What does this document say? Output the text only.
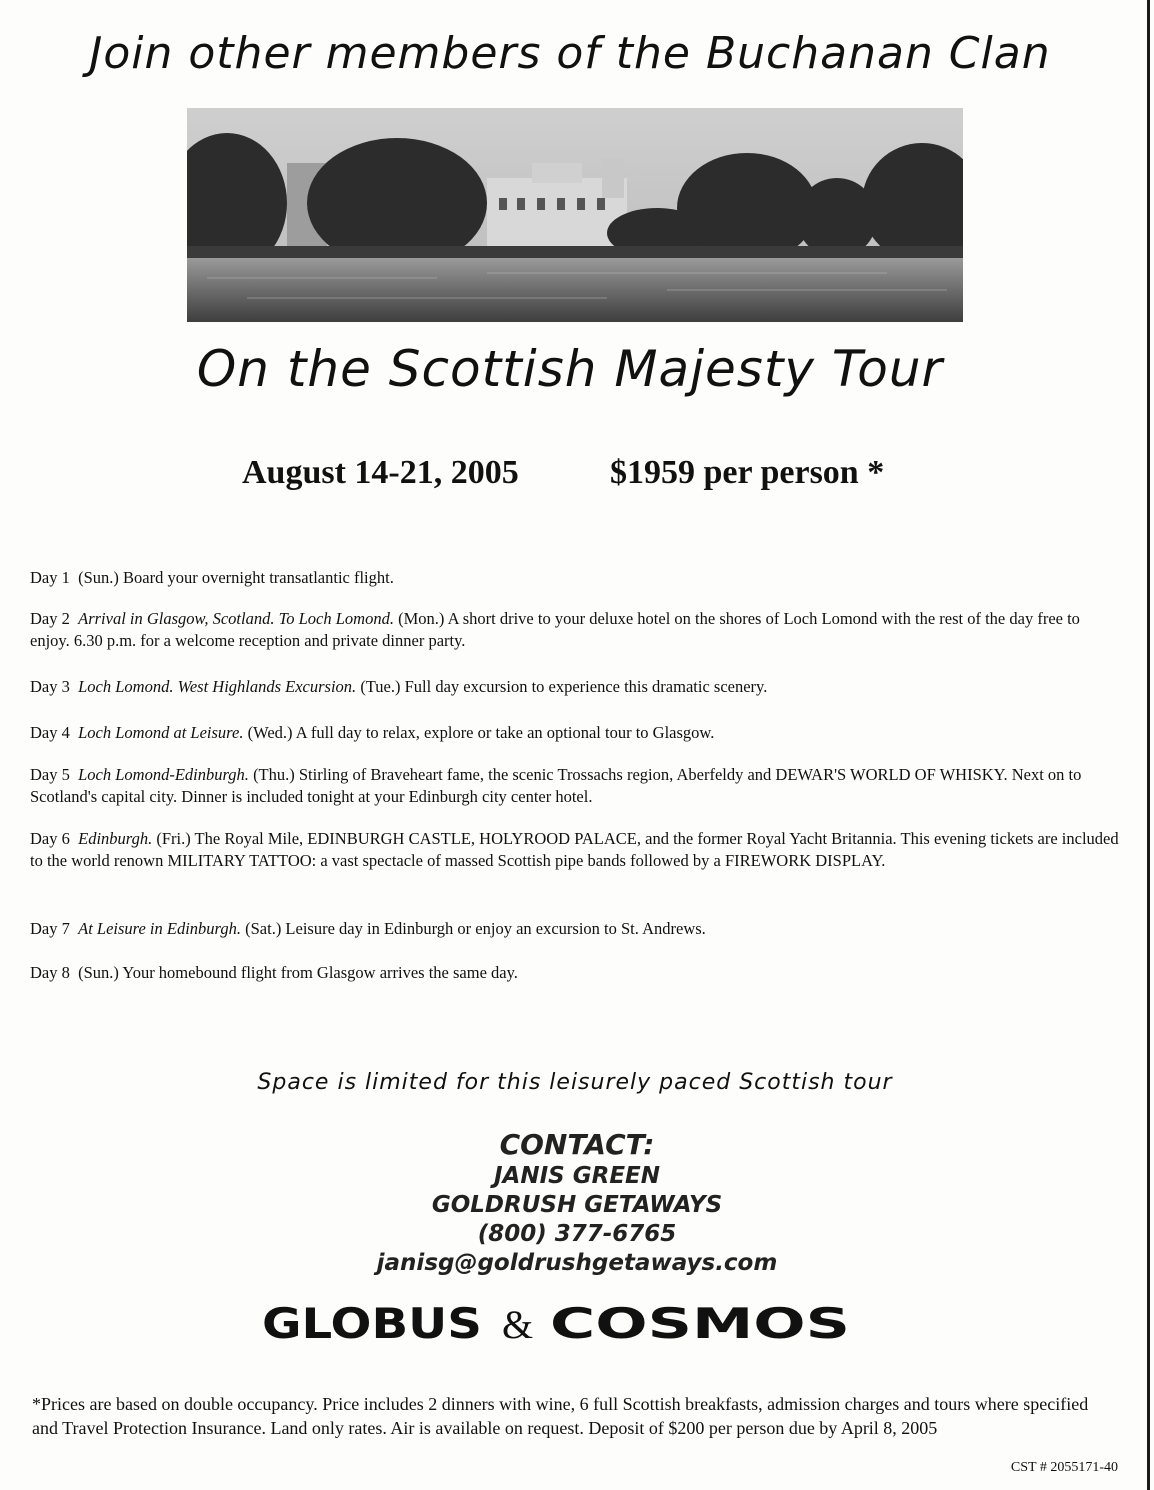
Join other members of the Buchanan Clan
On the Scottish Majesty Tour
August 14-21, 2005	$1959 per person *
Day 1 (Sun.) Board your overnight transatlantic flight.
Day 2 Arrival in Glasgow, Scotland. To Loch Lomond. (Mon.) A short drive to your deluxe hotel on the shores of Loch Lomond with the rest of the day free to enjoy. 6.30 p.m. for a welcome reception and private dinner party.
Day 3 Loch Lomond. West Highlands Excursion. (Tue.) Full day excursion to experience this dramatic scenery.
Day 4 Loch Lomond at Leisure. (Wed.) A full day to relax, explore or take an optional tour to Glasgow.
Day 5 Loch Lomond-Edinburgh. (Thu.) Stirling of Braveheart fame, the scenic Trossachs region, Aberfeldy and DEWAR'S WORLD OF WHISKY. Next on to Scotland's capital city. Dinner is included tonight at your Edinburgh city center hotel.
Day 6 Edinburgh. (Fri.) The Royal Mile, EDINBURGH CASTLE, HOLYROOD PALACE, and the former Royal Yacht Britannia. This evening tickets are included to the world renown MILITARY TATTOO: a vast spectacle of massed Scottish pipe bands followed by a FIREWORK DISPLAY.
Day 7 At Leisure in Edinburgh. (Sat.) Leisure day in Edinburgh or enjoy an excursion to St. Andrews.
Day 8 (Sun.) Your homebound flight from Glasgow arrives the same day.
Space is limited for this leisurely paced Scottish tour
CONTACT:
JANIS GREEN
GOLDRUSH GETAWAYS
(800) 377-6765
janisg@goldrushgetaways.com
GLOBUS & COSMOS
*Prices are based on double occupancy. Price includes 2 dinners with wine, 6 full Scottish breakfasts, admission charges and tours where specified and Travel Protection Insurance. Land only rates. Air is available on request. Deposit of $200 per person due by April 8, 2005
CST # 2055171-40
